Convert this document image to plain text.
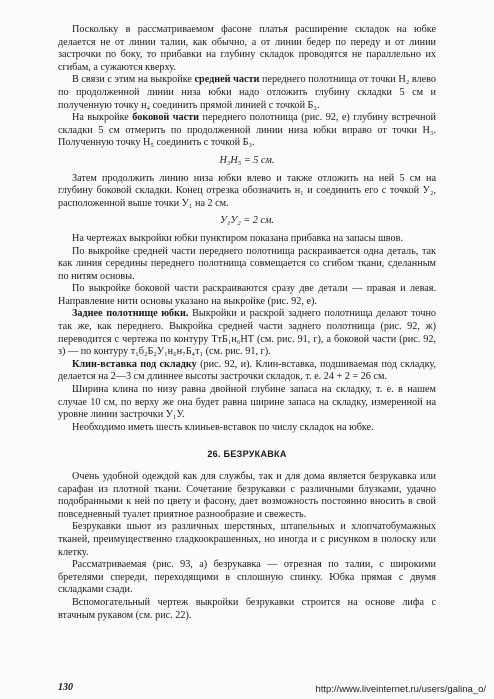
Поскольку в рассматриваемом фасоне платья расширение складок на юбке делается не от линии талии, как обычно, а от линии бедер по переду и от линии застрочки по боку, то прибавки на глубину складок проводятся не параллельно их сгибам, а сужаются кверху.

В связи с этим на выкройке средней части переднего полотнища от точки H₂ влево по продолженной линии низа юбки надо отложить глубину складки 5 см и полученную точку н₄ соединить прямой линией с точкой Б₃.

На выкройке боковой части переднего полотнища (рис. 92, е) глубину встречной складки 5 см отмерить по продолженной линии низа юбки вправо от точки H₃. Полученную точку H₅ соединить с точкой Б₃.

H₃H₅ = 5 см.

Затем продолжить линию низа юбки влево и также отложить на ней 5 см на глубину боковой складки. Конец отрезка обозначить н₁ и соединить его с точкой У₂, расположенной выше точки У₁ на 2 см.

У₁У₂ = 2 см.

На чертежах выкройки юбки пунктиром показана прибавка на запасы швов.

По выкройке средней части переднего полотнища раскраивается одна деталь, так как линия середины переднего полотнища совмещается со сгибом ткани, сделанным по нитям основы.

По выкройке боковой части раскраиваются сразу две детали — правая и левая. Направление нити основы указано на выкройке (рис. 92, е).

Заднее полотнище юбки. Выкройки и раскрой заднего полотнища делают точно так же, как переднего. Выкройка средней части заднего полотнища (рис. 92, ж) переводится с чертежа по контуру ТтБ₁н₆НТ (см. рис. 91, г), а боковой части (рис. 92, з) — по контуру т₁б₂Б₂У₁н₆н₇Б₄т₁ (см. рис. 91, г).

Клин-вставка под складку (рис. 92, и). Клин-вставка, подшиваемая под складку, делается на 2—3 см длиннее высоты застрочки складок, т. е. 24 + 2 = 26 см.

Ширина клина по низу равна двойной глубине запаса на складку, т. е. в нашем случае 10 см, по верху же она будет равна ширине запаса на складку, измеренной на уровне линии застрочки У₁У.

Необходимо иметь шесть клиньев-вставок по числу складок на юбке.

26. БЕЗРУКАВКА

Очень удобной одеждой как для службы, так и для дома является безрукавка или сарафан из плотной ткани. Сочетание безрукавки с различными блузками, удачно подобранными к ней по цвету и фасону, дает возможность постоянно вносить в свой повседневный туалет приятное разнообразие и свежесть.

Безрукавки шьют из различных шерстяных, штапельных и хлопчатобумажных тканей, преимущественно гладкоокрашенных, но иногда и с рисунком в полоску или клетку.

Рассматриваемая (рис. 93, а) безрукавка — отрезная по талии, с широкими бретелями спереди, переходящими в сплошную спинку. Юбка прямая с двумя складками сзади.

Вспомогательный чертеж выкройки безрукавки строится на основе лифа с втачным рукавом (см. рис. 22).

130	http://www.liveinternet.ru/users/galina_o/
